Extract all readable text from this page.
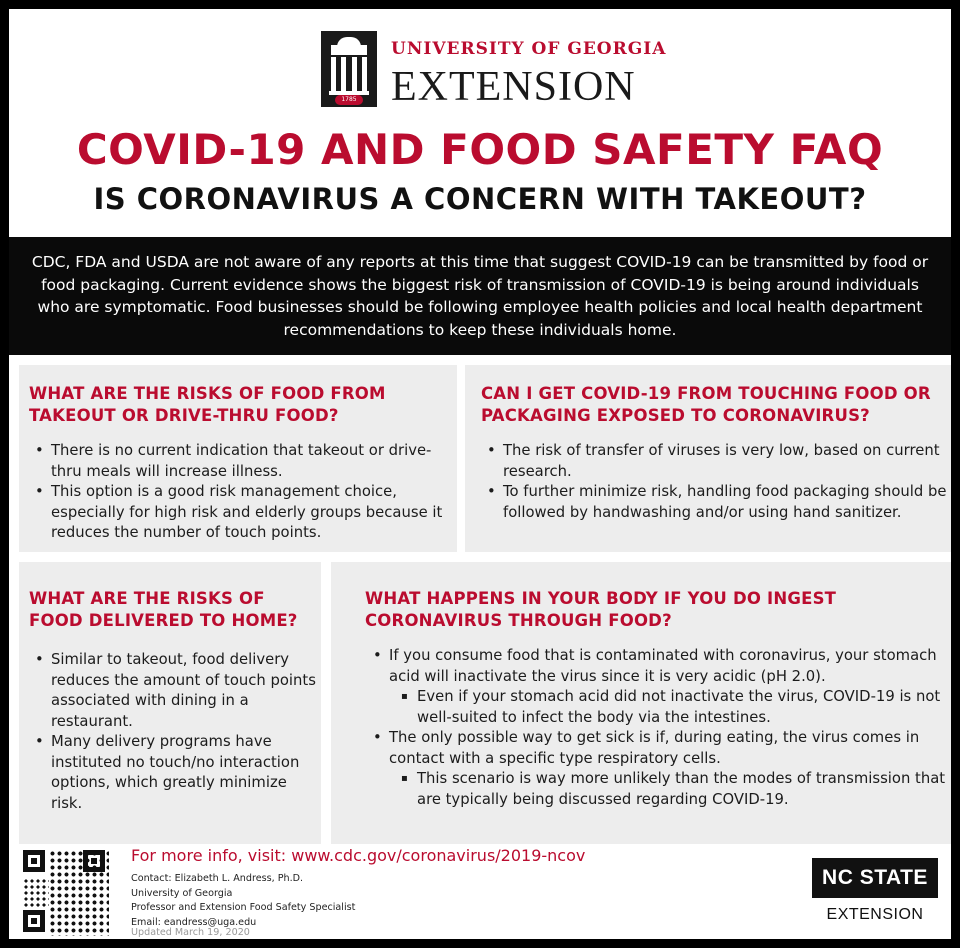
1785
UNIVERSITY OF GEORGIA
EXTENSION
COVID-19 AND FOOD SAFETY FAQ
IS CORONAVIRUS A CONCERN WITH TAKEOUT?
CDC, FDA and USDA are not aware of any reports at this time that suggest COVID-19 can be transmitted by food or food packaging. Current evidence shows the biggest risk of transmission of COVID-19 is being around individuals who are symptomatic. Food businesses should be following employee health policies and local health department recommendations to keep these individuals home.
WHAT ARE THE RISKS OF FOOD FROM TAKEOUT OR DRIVE-THRU FOOD?
• There is no current indication that takeout or drive-thru meals will increase illness.
• This option is a good risk management choice, especially for high risk and elderly groups because it reduces the number of touch points.
CAN I GET COVID-19 FROM TOUCHING FOOD OR PACKAGING EXPOSED TO CORONAVIRUS?
• The risk of transfer of viruses is very low, based on current research.
• To further minimize risk, handling food packaging should be followed by handwashing and/or using hand sanitizer.
WHAT ARE THE RISKS OF FOOD DELIVERED TO HOME?
• Similar to takeout, food delivery reduces the amount of touch points associated with dining in a restaurant.
• Many delivery programs have instituted no touch/no interaction options, which greatly minimize risk.
WHAT HAPPENS IN YOUR BODY IF YOU DO INGEST CORONAVIRUS THROUGH FOOD?
• If you consume food that is contaminated with coronavirus, your stomach acid will inactivate the virus since it is very acidic (pH 2.0).
▪ Even if your stomach acid did not inactivate the virus, COVID-19 is not well-suited to infect the body via the intestines.
• The only possible way to get sick is if, during eating, the virus comes in contact with a specific type respiratory cells.
▪ This scenario is way more unlikely than the modes of transmission that are typically being discussed regarding COVID-19.
For more info, visit: www.cdc.gov/coronavirus/2019-ncov
Contact: Elizabeth L. Andress, Ph.D.
University of Georgia
Professor and Extension Food Safety Specialist
Email: eandress@uga.edu
Updated March 19, 2020
NC STATE
EXTENSION
